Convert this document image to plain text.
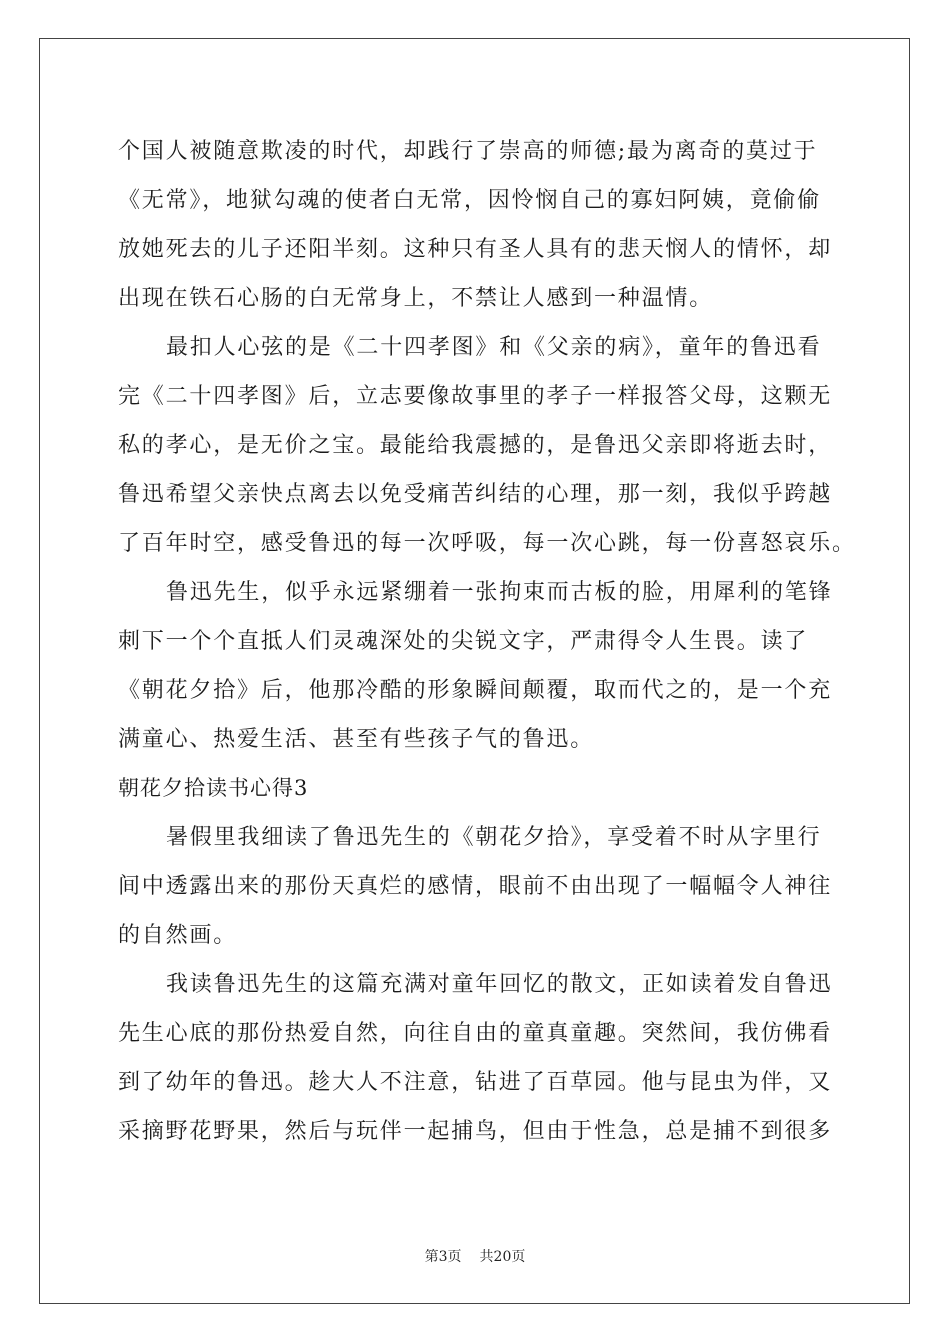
个国人被随意欺凌的时代，却践行了崇高的师德;最为离奇的莫过于
《无常》，地狱勾魂的使者白无常，因怜悯自己的寡妇阿姨，竟偷偷
放她死去的儿子还阳半刻。这种只有圣人具有的悲天悯人的情怀，却
出现在铁石心肠的白无常身上，不禁让人感到一种温情。
最扣人心弦的是《二十四孝图》和《父亲的病》，童年的鲁迅看
完《二十四孝图》后，立志要像故事里的孝子一样报答父母，这颗无
私的孝心，是无价之宝。最能给我震撼的，是鲁迅父亲即将逝去时，
鲁迅希望父亲快点离去以免受痛苦纠结的心理，那一刻，我似乎跨越
了百年时空，感受鲁迅的每一次呼吸，每一次心跳，每一份喜怒哀乐。
鲁迅先生，似乎永远紧绷着一张拘束而古板的脸，用犀利的笔锋
刺下一个个直抵人们灵魂深处的尖锐文字，严肃得令人生畏。读了
《朝花夕拾》后，他那冷酷的形象瞬间颠覆，取而代之的，是一个充
满童心、热爱生活、甚至有些孩子气的鲁迅。
朝花夕拾读书心得3
暑假里我细读了鲁迅先生的《朝花夕拾》，享受着不时从字里行
间中透露出来的那份天真烂的感情，眼前不由出现了一幅幅令人神往
的自然画。
我读鲁迅先生的这篇充满对童年回忆的散文，正如读着发自鲁迅
先生心底的那份热爱自然，向往自由的童真童趣。突然间，我仿佛看
到了幼年的鲁迅。趁大人不注意，钻进了百草园。他与昆虫为伴，又
采摘野花野果，然后与玩伴一起捕鸟，但由于性急，总是捕不到很多
第3页 共20页
